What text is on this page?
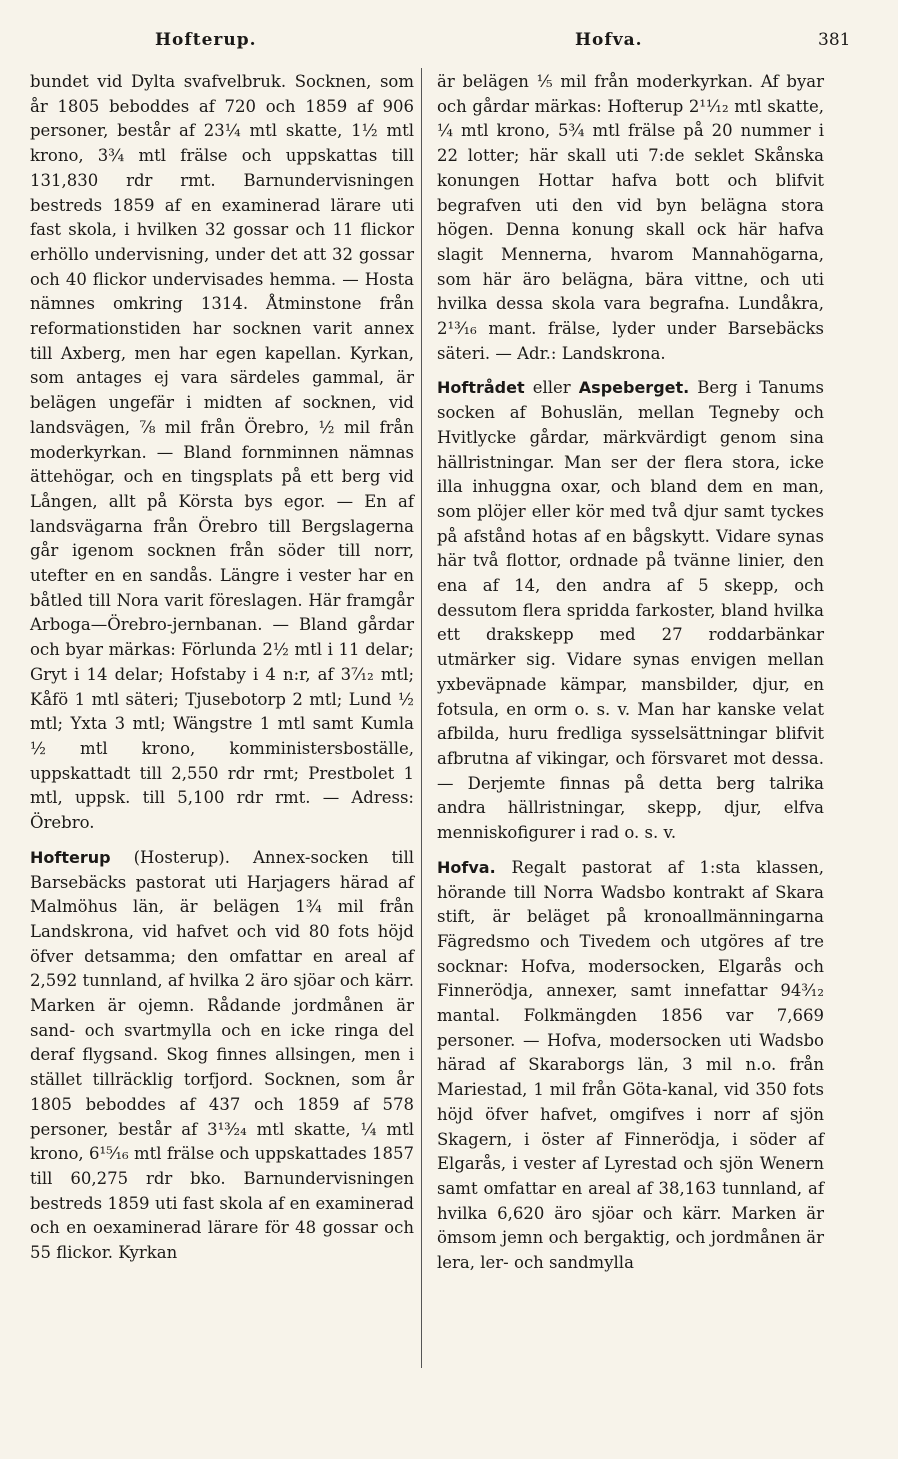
Hofterup.	Hofva.	381

bundet vid Dylta svafvelbruk. Socknen, som år 1805 beboddes af 720 och 1859 af 906 personer, består af 23¼ mtl skatte, 1½ mtl krono, 3¾ mtl frälse och uppskattas till 131,830 rdr rmt. Barnundervisningen bestreds 1859 af en examinerad lärare uti fast skola, i hvilken 32 gossar och 11 flickor erhöllo undervisning, under det att 32 gossar och 40 flickor undervisades hemma. — Hosta nämnes omkring 1314. Åtminstone från reformationstiden har socknen varit annex till Axberg, men har egen kapellan. Kyrkan, som antages ej vara särdeles gammal, är belägen ungefär i midten af socknen, vid landsvägen, ⅞ mil från Örebro, ½ mil från moderkyrkan. — Bland fornminnen nämnas ättehögar, och en tingsplats på ett berg vid Lången, allt på Körsta bys egor. — En af landsvägarna från Örebro till Bergslagerna går igenom socknen från söder till norr, utefter en en sandås. Längre i vester har en båtled till Nora varit föreslagen. Här framgår Arboga—Örebro-jernbanan. — Bland gårdar och byar märkas: Förlunda 2½ mtl i 11 delar; Gryt i 14 delar; Hofstaby i 4 n:r, af 3⁷⁄₁₂ mtl; Kåfö 1 mtl säteri; Tjusebotorp 2 mtl; Lund ½ mtl; Yxta 3 mtl; Wängstre 1 mtl samt Kumla ½ mtl krono, komministersboställe, uppskattadt till 2,550 rdr rmt; Prestbolet 1 mtl, uppsk. till 5,100 rdr rmt. — Adress: Örebro.

Hofterup (Hosterup). Annex-socken till Barsebäcks pastorat uti Harjagers härad af Malmöhus län, är belägen 1¾ mil från Landskrona, vid hafvet och vid 80 fots höjd öfver detsamma; den omfattar en areal af 2,592 tunnland, af hvilka 2 äro sjöar och kärr. Marken är ojemn. Rådande jordmånen är sand- och svartmylla och en icke ringa del deraf flygsand. Skog finnes allsingen, men i stället tillräcklig torfjord. Socknen, som år 1805 beboddes af 437 och 1859 af 578 personer, består af 3¹³⁄₂₄ mtl skatte, ¼ mtl krono, 6¹⁵⁄₁₆ mtl frälse och uppskattades 1857 till 60,275 rdr bko. Barnundervisningen bestreds 1859 uti fast skola af en examinerad och en oexaminerad lärare för 48 gossar och 55 flickor. Kyrkan

är belägen ⅕ mil från moderkyrkan. Af byar och gårdar märkas: Hofterup 2¹¹⁄₁₂ mtl skatte, ¼ mtl krono, 5¾ mtl frälse på 20 nummer i 22 lotter; här skall uti 7:de seklet Skånska konungen Hottar hafva bott och blifvit begrafven uti den vid byn belägna stora högen. Denna konung skall ock här hafva slagit Mennerna, hvarom Mannahögarna, som här äro belägna, bära vittne, och uti hvilka dessa skola vara begrafna. Lundåkra, 2¹³⁄₁₆ mant. frälse, lyder under Barsebäcks säteri. — Adr.: Landskrona.

Hoftrådet eller Aspeberget. Berg i Tanums socken af Bohuslän, mellan Tegneby och Hvitlycke gårdar, märkvärdigt genom sina hällristningar. Man ser der flera stora, icke illa inhuggna oxar, och bland dem en man, som plöjer eller kör med två djur samt tyckes på afstånd hotas af en bågskytt. Vidare synas här två flottor, ordnade på tvänne linier, den ena af 14, den andra af 5 skepp, och dessutom flera spridda farkoster, bland hvilka ett drakskepp med 27 roddarbänkar utmärker sig. Vidare synas envigen mellan yxbeväpnade kämpar, mansbilder, djur, en fotsula, en orm o. s. v. Man har kanske velat afbilda, huru fredliga sysselsättningar blifvit afbrutna af vikingar, och försvaret mot dessa. — Derjemte finnas på detta berg talrika andra hällristningar, skepp, djur, elfva menniskofigurer i rad o. s. v.

Hofva. Regalt pastorat af 1:sta klassen, hörande till Norra Wadsbo kontrakt af Skara stift, är beläget på kronoallmänningarna Fägredsmo och Tivedem och utgöres af tre socknar: Hofva, modersocken, Elgarås och Finnerödja, annexer, samt innefattar 94³⁄₁₂ mantal. Folkmängden 1856 var 7,669 personer. — Hofva, modersocken uti Wadsbo härad af Skaraborgs län, 3 mil n.o. från Mariestad, 1 mil från Göta-kanal, vid 350 fots höjd öfver hafvet, omgifves i norr af sjön Skagern, i öster af Finnerödja, i söder af Elgarås, i vester af Lyrestad och sjön Wenern samt omfattar en areal af 38,163 tunnland, af hvilka 6,620 äro sjöar och kärr. Marken är ömsom jemn och bergaktig, och jordmånen är lera, ler- och sandmylla
